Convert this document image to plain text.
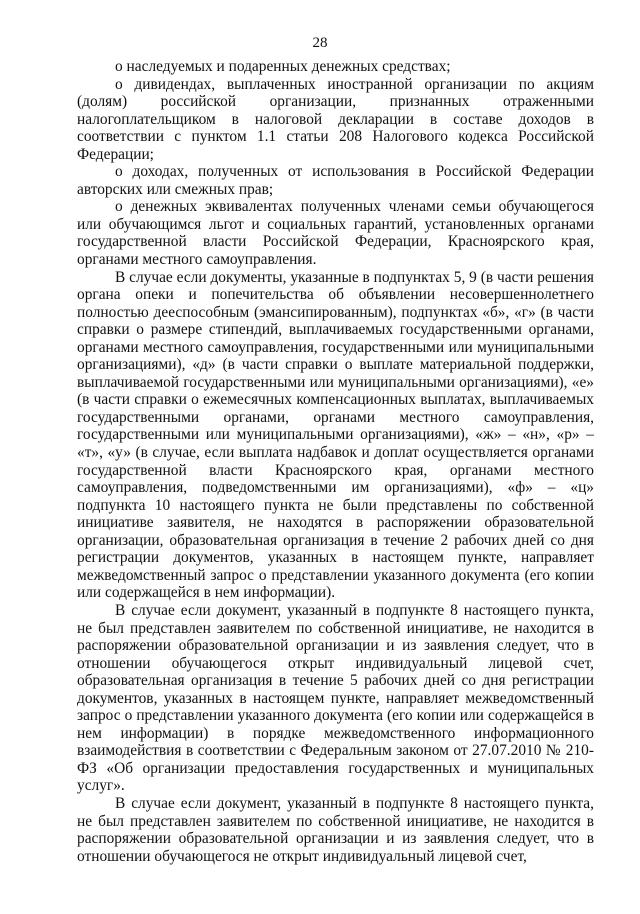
28

о наследуемых и подаренных денежных средствах;

о дивидендах, выплаченных иностранной организации по акциям (долям) российской организации, признанных отраженными налогоплательщиком в налоговой декларации в составе доходов в соответствии с пунктом 1.1 статьи 208 Налогового кодекса Российской Федерации;

о доходах, полученных от использования в Российской Федерации авторских или смежных прав;

о денежных эквивалентах полученных членами семьи обучающегося или обучающимся льгот и социальных гарантий, установленных органами государственной власти Российской Федерации, Красноярского края, органами местного самоуправления.

В случае если документы, указанные в подпунктах 5, 9 (в части решения органа опеки и попечительства об объявлении несовершеннолетнего полностью дееспособным (эмансипированным), подпунктах «б», «г» (в части справки о размере стипендий, выплачиваемых государственными органами, органами местного самоуправления, государственными или муниципальными организациями), «д» (в части справки о выплате материальной поддержки, выплачиваемой государственными или муниципальными организациями), «е» (в части справки о ежемесячных компенсационных выплатах, выплачиваемых государственными органами, органами местного самоуправления, государственными или муниципальными организациями), «ж» – «н», «р» – «т», «у» (в случае, если выплата надбавок и доплат осуществляется органами государственной власти Красноярского края, органами местного самоуправления, подведомственными им организациями), «ф» – «ц» подпункта 10 настоящего пункта не были представлены по собственной инициативе заявителя, не находятся в распоряжении образовательной организации, образовательная организация в течение 2 рабочих дней со дня регистрации документов, указанных в настоящем пункте, направляет межведомственный запрос о представлении указанного документа (его копии или содержащейся в нем информации).

В случае если документ, указанный в подпункте 8 настоящего пункта, не был представлен заявителем по собственной инициативе, не находится в распоряжении образовательной организации и из заявления следует, что в отношении обучающегося открыт индивидуальный лицевой счет, образовательная организация в течение 5 рабочих дней со дня регистрации документов, указанных в настоящем пункте, направляет межведомственный запрос о представлении указанного документа (его копии или содержащейся в нем информации) в порядке межведомственного информационного взаимодействия в соответствии с Федеральным законом от 27.07.2010 № 210-ФЗ «Об организации предоставления государственных и муниципальных услуг».

В случае если документ, указанный в подпункте 8 настоящего пункта, не был представлен заявителем по собственной инициативе, не находится в распоряжении образовательной организации и из заявления следует, что в отношении обучающегося не открыт индивидуальный лицевой счет,
